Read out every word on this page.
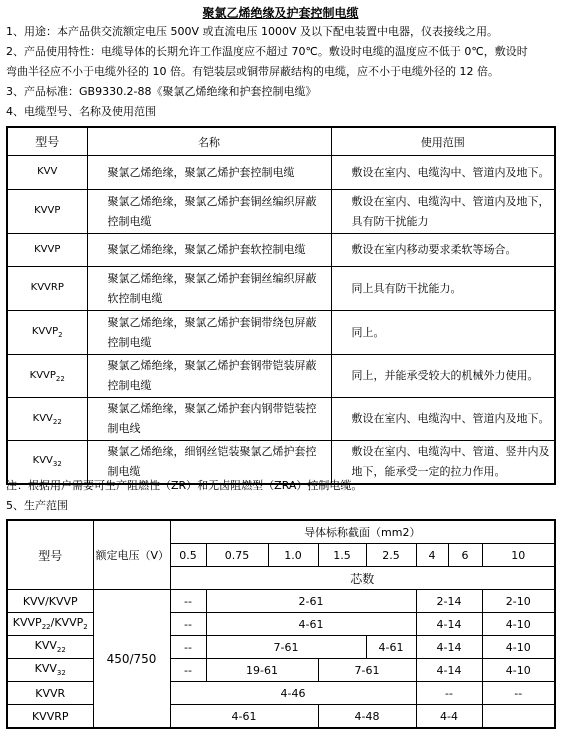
聚氯乙烯绝缘及护套控制电缆
1、用途：本产品供交流额定电压 500V 或直流电压 1000V 及以下配电装置中电器，仪表接线之用。
2、产品使用特性：电缆导体的长期允许工作温度应不超过 70℃。敷设时电缆的温度应不低于 0℃，敷设时
弯曲半径应不小于电缆外径的 10 倍。有铠装层或铜带屏蔽结构的电缆，应不小于电缆外径的 12 倍。
3、产品标准：GB9330.2-88《聚氯乙烯绝缘和护套控制电缆》
4、电缆型号、名称及使用范围
型号	名称	使用范围
KVV	聚氯乙烯绝缘，聚氯乙烯护套控制电缆	敷设在室内、电缆沟中、管道内及地下。
KVVP	聚氯乙烯绝缘，聚氯乙烯护套铜丝编织屏蔽控制电缆	敷设在室内、电缆沟中、管道内及地下，具有防干扰能力
KVVP	聚氯乙烯绝缘，聚氯乙烯护套软控制电缆	敷设在室内移动要求柔软等场合。
KVVRP	聚氯乙烯绝缘，聚氯乙烯护套铜丝编织屏蔽软控制电缆	同上具有防干扰能力。
$KVVP_2$	聚氯乙烯绝缘，聚氯乙烯护套铜带绕包屏蔽控制电缆	同上。
$KVVP_{22}$	聚氯乙烯绝缘，聚氯乙烯护套钢带铠装屏蔽控制电缆	同上，并能承受较大的机械外力使用。
$KVV_{22}$	聚氯乙烯绝缘，聚氯乙烯护套内钢带铠装控制电线	敷设在室内、电缆沟中、管道内及地下。
$KVV_{32}$	聚氯乙烯绝缘，细钢丝铠装聚氯乙烯护套控制电缆	敷设在室内、电缆沟中、管道、竖井内及地下，能承受一定的拉力作用。
注：根据用户需要可生产阻燃性（ZR）和无卤阻燃型（ZRA）控制电缆。
5、生产范围
型号	额定电压（V）	导体标称截面（mm2）							
		0.5	0.75	1.0	1.5	2.5	4	6	10
		芯数							
KVV/KVVP	450/750	--	2-61				2-14		2-10
$KVVP_{22}/KVVP_2$		--	4-61				4-14		4-10
$KVV_{22}$		--	7-61			4-61	4-14		4-10
$KVV_{32}$		--	19-61		7-61		4-14		4-10
KVVR		4-46					--		--
KVVRP		4-61			4-48		4-4		
